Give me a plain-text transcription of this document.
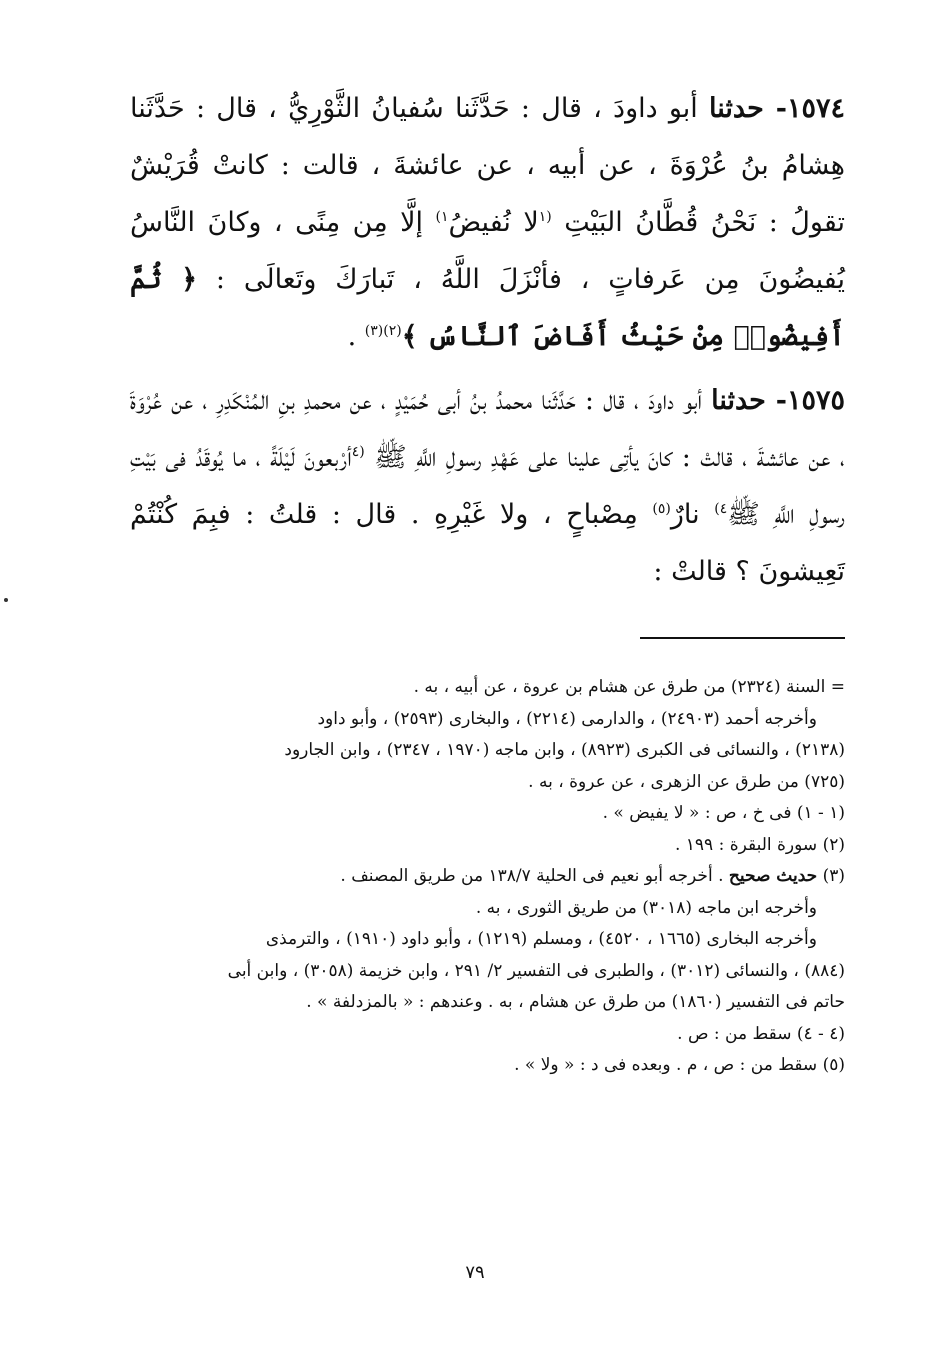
١٥٧٤- حدثنا أبو داودَ ، قال : حَدَّثَنا سُفيانُ الثَّوْرِيُّ ، قال : حَدَّثَنا هِشامُ بنُ عُرْوَةَ ، عن أبيه ، عن عائشةَ ، قالت : كانتْ قُرَيْشٌ تقولُ : نَحْنُ قُطَّانُ البَيْتِ $^{(١}$لا نُفيضُ$^{١)}$ إلَّا مِن مِنًى ، وكانَ النَّاسُ يُفيضُونَ مِن عَرفاتٍ ، فأنْزَلَ اللَّهُ ، تَبارَكَ وتَعالَى : ﴿ ثُمَّ أَفِيضُوا۟ مِنْ حَيْثُ أَفَاضَ ٱلنَّاسُ ﴾$^{(٢)(٣)}$ .

١٥٧٥- حدثنا أبو داودَ ، قال : حَدَّثَنا محمدُ بنُ أبى حُمَيْدٍ ، عن محمدِ بنِ المُنْكَدِرِ ، عن عُرْوَةَ ، عن عائشةَ ، قالتْ : كانَ يأتِى علينا على عَهْدِ رسولِ اللَّهِ ﷺ $^{(٤}$أرْبعونَ لَيْلَةً ، ما يُوقَدُ فى بَيْتِ رسولِ اللَّهِ ﷺ$^{٤)}$ نارٌ$^{(٥)}$ مِصْباحٍ ، ولا غَيْرِهِ . قال : قلتُ : فبِمَ كُنْتُمْ تَعِيشونَ ؟ قالتْ :

= السنة (٢٣٢٤) من طرق عن هشام بن عروة ، عن أبيه ، به .
وأخرجه أحمد (٢٤٩٠٣) ، والدارمى (٢٢١٤) ، والبخارى (٢٥٩٣) ، وأبو داود
(٢١٣٨) ، والنسائى فى الكبرى (٨٩٢٣) ، وابن ماجه (١٩٧٠ ، ٢٣٤٧) ، وابن الجارود
(٧٢٥) من طرق عن الزهرى ، عن عروة ، به .
(١ - ١) فى خ ، ص : « لا يفيض » .
(٢) سورة البقرة : ١٩٩ .
(٣) حديث صحيح . أخرجه أبو نعيم فى الحلية ١٣٨/٧ من طريق المصنف .
وأخرجه ابن ماجه (٣٠١٨) من طريق الثورى ، به .
وأخرجه البخارى (١٦٦٥ ، ٤٥٢٠) ، ومسلم (١٢١٩) ، وأبو داود (١٩١٠) ، والترمذى
(٨٨٤) ، والنسائى (٣٠١٢) ، والطبرى فى التفسير ٢/ ٢٩١ ، وابن خزيمة (٣٠٥٨) ، وابن أبى
حاتم فى التفسير (١٨٦٠) من طرق عن هشام ، به . وعندهم : « بالمزدلفة » .
(٤ - ٤) سقط من : ص .
(٥) سقط من : ص ، م . وبعده فى د : « ولا » .
٧٩
